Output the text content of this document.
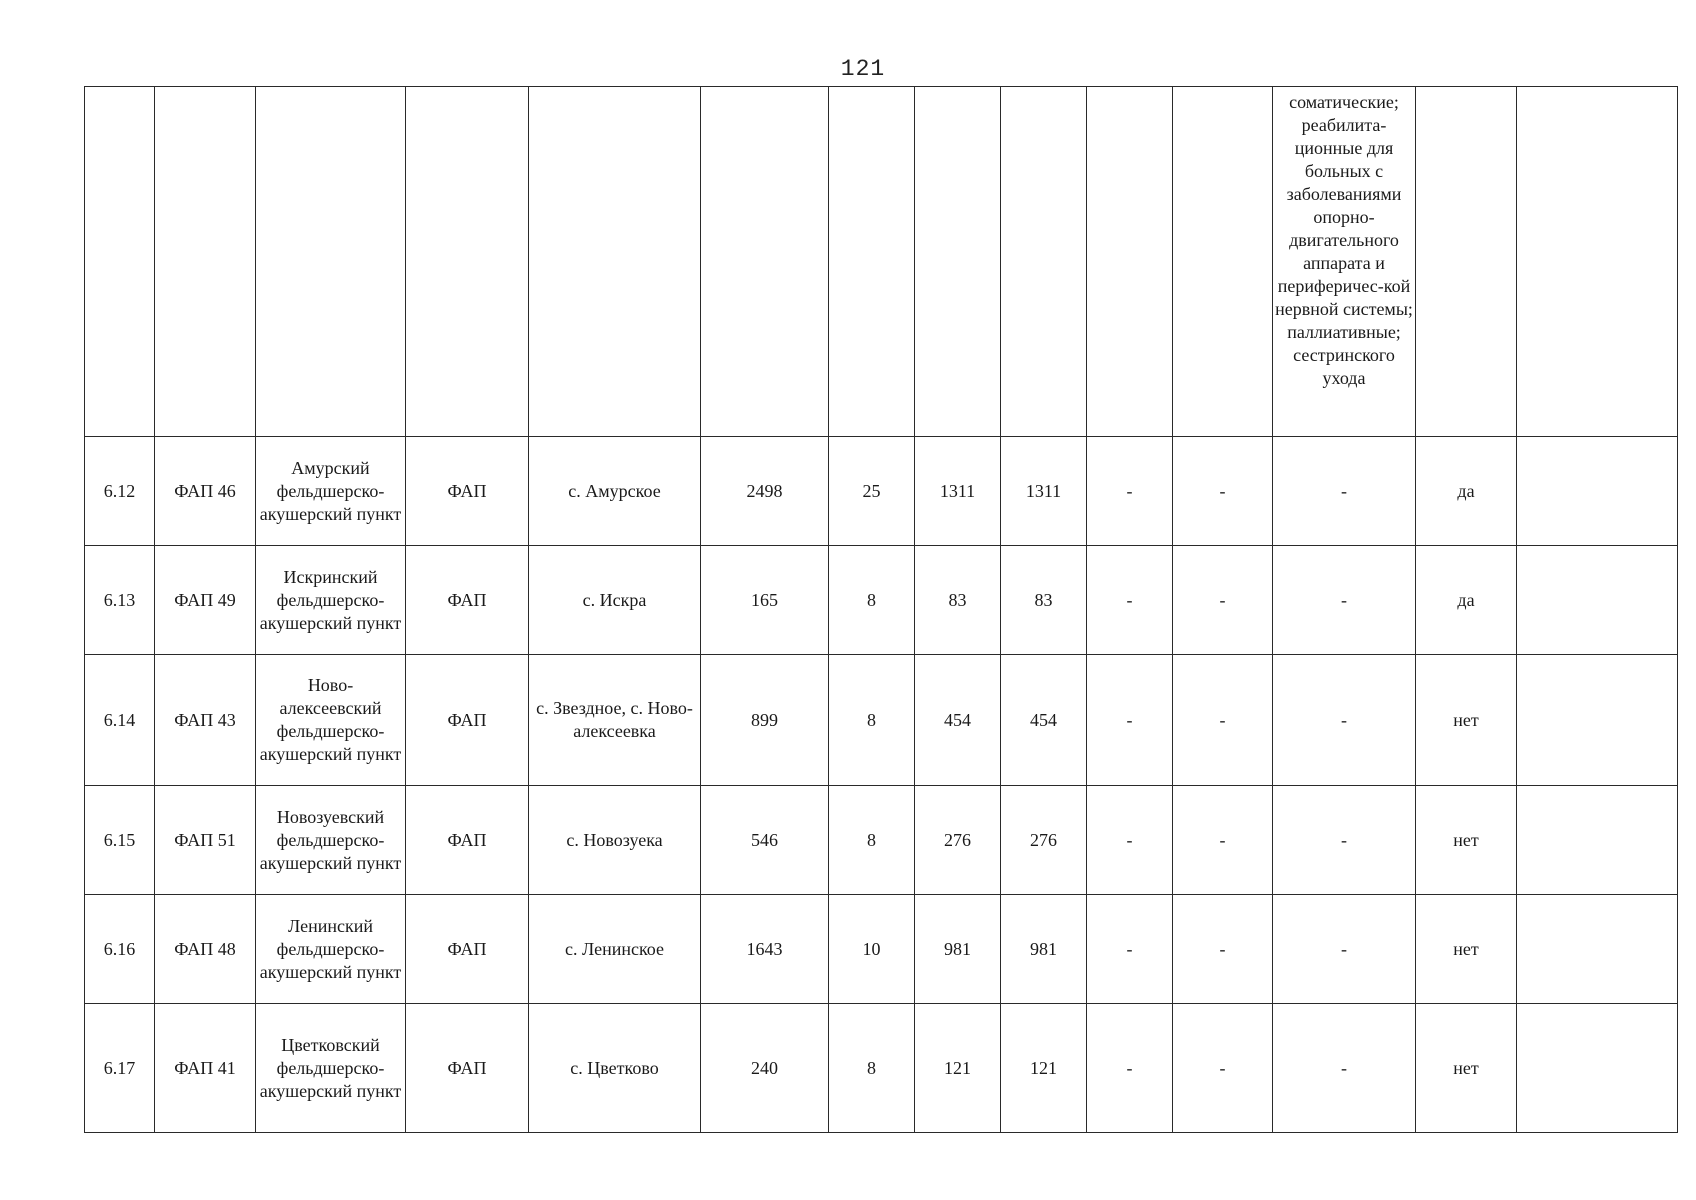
121

											соматические; реабилита-ционные для больных с заболеваниями опорно-двигательного аппарата и периферичес-кой нервной системы; паллиативные; сестринского ухода		

6.12	ФАП 46	Амурский фельдшерско-акушерский пункт	ФАП	с. Амурское	2498	25	1311	1311	-	-	-	да	
6.13	ФАП 49	Искринский фельдшерско-акушерский пункт	ФАП	с. Искра	165	8	83	83	-	-	-	да	
6.14	ФАП 43	Ново-алексеевский фельдшерско-акушерский пункт	ФАП	с. Звездное, с. Ново-алексеевка	899	8	454	454	-	-	-	нет	
6.15	ФАП 51	Новозуевский фельдшерско-акушерский пункт	ФАП	с. Новозуека	546	8	276	276	-	-	-	нет	
6.16	ФАП 48	Ленинский фельдшерско-акушерский пункт	ФАП	с. Ленинское	1643	10	981	981	-	-	-	нет	
6.17	ФАП 41	Цветковский фельдшерско-акушерский пункт	ФАП	с. Цветково	240	8	121	121	-	-	-	нет	
